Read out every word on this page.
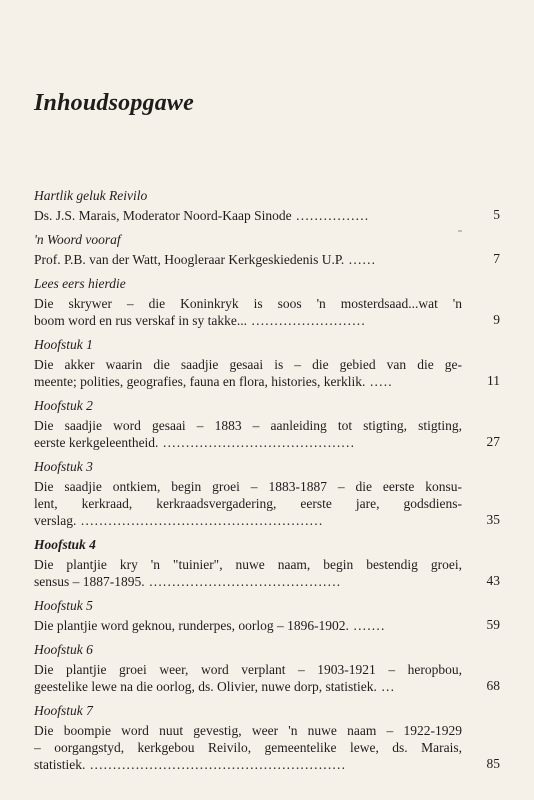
Inhoudsopgawe
Hartlik geluk Reivilo
Ds. J.S. Marais, Moderator Noord-Kaap Sinode ................	5
'n Woord vooraf
Prof. P.B. van der Watt, Hoogleraar Kerkgeskiedenis U.P. ......	7
Lees eers hierdie
Die skrywer – die Koninkryk is soos 'n mosterdsaad...wat 'n
boom word en rus verskaf in sy takke... .........................	9
Hoofstuk 1
Die akker waarin die saadjie gesaai is – die gebied van die ge-
meente; polities, geografies, fauna en flora, histories, kerklik. .....	11
Hoofstuk 2
Die saadjie word gesaai – 1883 – aanleiding tot stigting, stigting,
eerste kerkgeleentheid. ..........................................	27
Hoofstuk 3
Die saadjie ontkiem, begin groei – 1883-1887 – die eerste konsu-
lent, kerkraad, kerkraadsvergadering, eerste jare, godsdiens-
verslag. .....................................................	35
Hoofstuk 4
Die plantjie kry 'n "tuinier", nuwe naam, begin bestendig groei,
sensus – 1887-1895. ..........................................	43
Hoofstuk 5
Die plantjie word geknou, runderpes, oorlog – 1896-1902. .......	59
Hoofstuk 6
Die plantjie groei weer, word verplant – 1903-1921 – heropbou,
geestelike lewe na die oorlog, ds. Olivier, nuwe dorp, statistiek. ...	68
Hoofstuk 7
Die boompie word nuut gevestig, weer 'n nuwe naam – 1922-1929
– oorgangstyd, kerkgebou Reivilo, gemeentelike lewe, ds. Marais,
statistiek. ........................................................	85
